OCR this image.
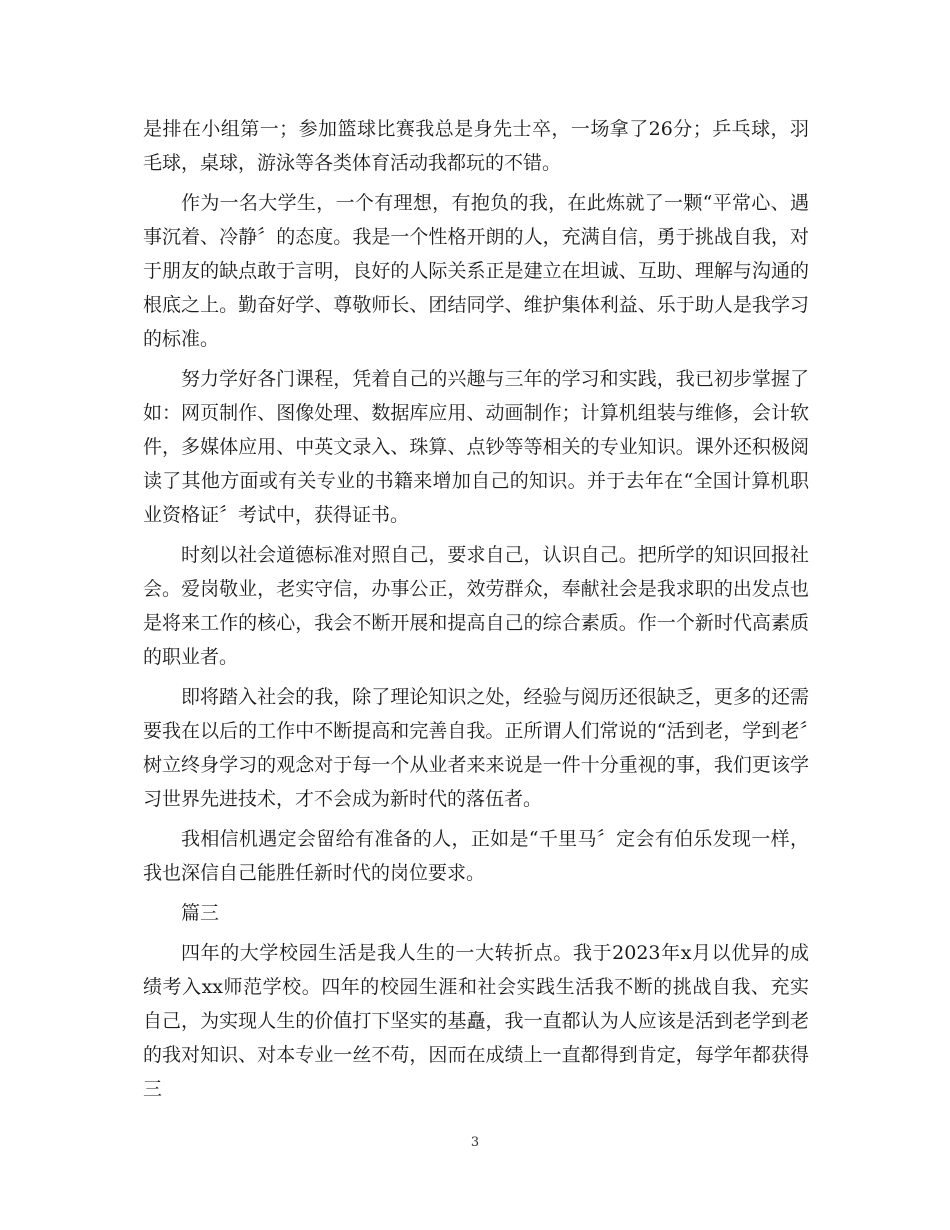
是排在小组第一；参加篮球比赛我总是身先士卒，一场拿了26分；乒乓球，羽毛球，桌球，游泳等各类体育活动我都玩的不错。

作为一名大学生，一个有理想，有抱负的我，在此炼就了一颗“平常心、遇事沉着、冷静〞的态度。我是一个性格开朗的人，充满自信，勇于挑战自我，对于朋友的缺点敢于言明，良好的人际关系正是建立在坦诚、互助、理解与沟通的根底之上。勤奋好学、尊敬师长、团结同学、维护集体利益、乐于助人是我学习的标准。

努力学好各门课程，凭着自己的兴趣与三年的学习和实践，我已初步掌握了如：网页制作、图像处理、数据库应用、动画制作；计算机组装与维修，会计软件，多媒体应用、中英文录入、珠算、点钞等等相关的专业知识。课外还积极阅读了其他方面或有关专业的书籍来增加自己的知识。并于去年在“全国计算机职业资格证〞考试中，获得证书。

时刻以社会道德标准对照自己，要求自己，认识自己。把所学的知识回报社会。爱岗敬业，老实守信，办事公正，效劳群众，奉献社会是我求职的出发点也是将来工作的核心，我会不断开展和提高自己的综合素质。作一个新时代高素质的职业者。

即将踏入社会的我，除了理论知识之处，经验与阅历还很缺乏，更多的还需要我在以后的工作中不断提高和完善自我。正所谓人们常说的“活到老，学到老〞树立终身学习的观念对于每一个从业者来来说是一件十分重视的事，我们更该学习世界先进技术，才不会成为新时代的落伍者。

我相信机遇定会留给有准备的人，正如是“千里马〞定会有伯乐发现一样，我也深信自己能胜任新时代的岗位要求。

篇三

四年的大学校园生活是我人生的一大转折点。我于2023年x月以优异的成绩考入xx师范学校。四年的校园生涯和社会实践生活我不断的挑战自我、充实自己，为实现人生的价值打下坚实的基矗，我一直都认为人应该是活到老学到老的我对知识、对本专业一丝不苟，因而在成绩上一直都得到肯定，每学年都获得三

3
